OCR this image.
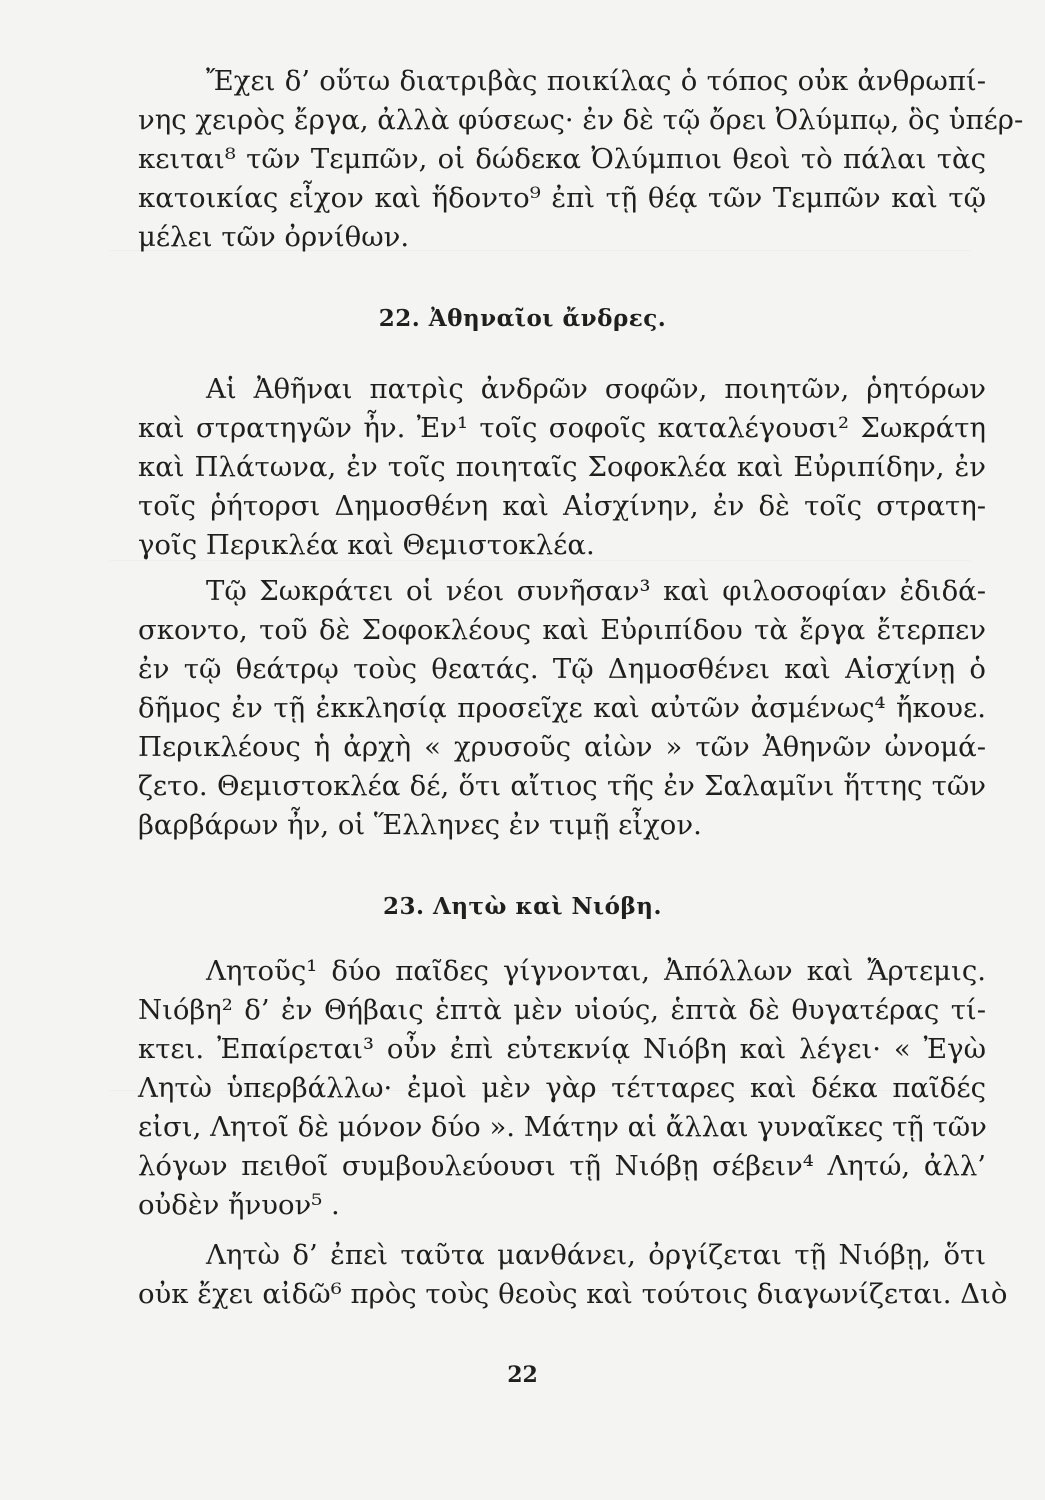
Ἔχει δ’ οὕτω διατριβὰς ποικίλας ὁ τόπος οὐκ ἀνθρωπί-
νης χειρὸς ἔργα, ἀλλὰ φύσεως· ἐν δὲ τῷ ὄρει Ὀλύμπῳ, ὃς ὑπέρ-
κειται⁸ τῶν Τεμπῶν, οἱ δώδεκα Ὀλύμπιοι θεοὶ τὸ πάλαι τὰς
κατοικίας εἶχον καὶ ἥδοντο⁹ ἐπὶ τῇ θέᾳ τῶν Τεμπῶν καὶ τῷ
μέλει τῶν ὀρνίθων.
22. Ἀθηναῖοι ἄνδρες.
Αἱ Ἀθῆναι πατρὶς ἀνδρῶν σοφῶν, ποιητῶν, ῥητόρων
καὶ στρατηγῶν ἦν. Ἐν¹ τοῖς σοφοῖς καταλέγουσι² Σωκράτη
καὶ Πλάτωνα, ἐν τοῖς ποιηταῖς Σοφοκλέα καὶ Εὐριπίδην, ἐν
τοῖς ῥήτορσι Δημοσθένη καὶ Αἰσχίνην, ἐν δὲ τοῖς στρατη-
γοῖς Περικλέα καὶ Θεμιστοκλέα.
Τῷ Σωκράτει οἱ νέοι συνῆσαν³ καὶ φιλοσοφίαν ἐδιδά-
σκοντο, τοῦ δὲ Σοφοκλέους καὶ Εὐριπίδου τὰ ἔργα ἔτερπεν
ἐν τῷ θεάτρῳ τοὺς θεατάς. Τῷ Δημοσθένει καὶ Αἰσχίνῃ ὁ
δῆμος ἐν τῇ ἐκκλησίᾳ προσεῖχε καὶ αὐτῶν ἀσμένως⁴ ἤκουε.
Περικλέους ἡ ἀρχὴ « χρυσοῦς αἰὼν » τῶν Ἀθηνῶν ὠνομά-
ζετο. Θεμιστοκλέα δέ, ὅτι αἴτιος τῆς ἐν Σαλαμῖνι ἥττης τῶν
βαρβάρων ἦν, οἱ Ἕλληνες ἐν τιμῇ εἶχον.
23. Λητὼ καὶ Νιόβη.
Λητοῦς¹ δύο παῖδες γίγνονται, Ἀπόλλων καὶ Ἄρτεμις.
Νιόβη² δ’ ἐν Θήβαις ἑπτὰ μὲν υἱούς, ἑπτὰ δὲ θυγατέρας τί-
κτει. Ἐπαίρεται³ οὖν ἐπὶ εὐτεκνίᾳ Νιόβη καὶ λέγει· « Ἐγὼ
Λητὼ ὑπερβάλλω· ἐμοὶ μὲν γὰρ τέτταρες καὶ δέκα παῖδές
εἰσι, Λητοῖ δὲ μόνον δύο ». Μάτην αἱ ἄλλαι γυναῖκες τῇ τῶν
λόγων πειθοῖ συμβουλεύουσι τῇ Νιόβῃ σέβειν⁴ Λητώ, ἀλλ’
οὐδὲν ἤνυον⁵ .
Λητὼ δ’ ἐπεὶ ταῦτα μανθάνει, ὀργίζεται τῇ Νιόβῃ, ὅτι
οὐκ ἔχει αἰδῶ⁶ πρὸς τοὺς θεοὺς καὶ τούτοις διαγωνίζεται. Διὸ
22
